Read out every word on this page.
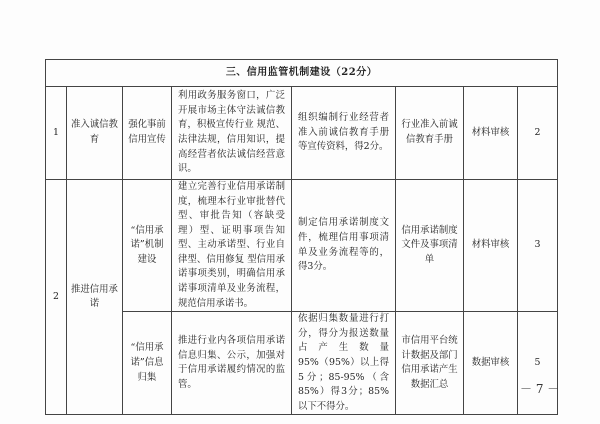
三、信用监管机制建设（22分）							
1	准入诚信教育	强化事前信用宣传	利用政务服务窗口，广泛开展市场主体守法诚信教育，积极宣传行业 规范、法律法规，信用知识，提高经营者依法诚信经营意识。	组织编制行业经营者准入前诚信教育手册等宣传资料，得2分。	行业准入前诚信教育手册	材料审核	2
2	推进信用承诺	“信用承诺”机制建设	建立完善行业信用承诺制度，梳理本行业审批替代型、审批告知（容缺受理）型、证明事项告知型、主动承诺型、行业自律型、信用修复 型信用承诺事项类别，明确信用承诺事项清单及业务流程，规范信用承诺书。	制定信用承诺制度文件，梳理信用事项清单及业务流程等的，得3分。	信用承诺制度文件及事项清单	材料审核	3
		“信用承诺”信息归集	推进行业内各项信用承诺信息归集、公示，加强对于信用承诺履约情况的监管。	依据归集数量进行打分，得分为报送数量占产生数量95%（95%）以上得5分；85-95%（含85%）得3分；85%以下不得分。	市信用平台统计数据及部门信用承诺产生数据汇总	数据审核	5
－ 7 －
